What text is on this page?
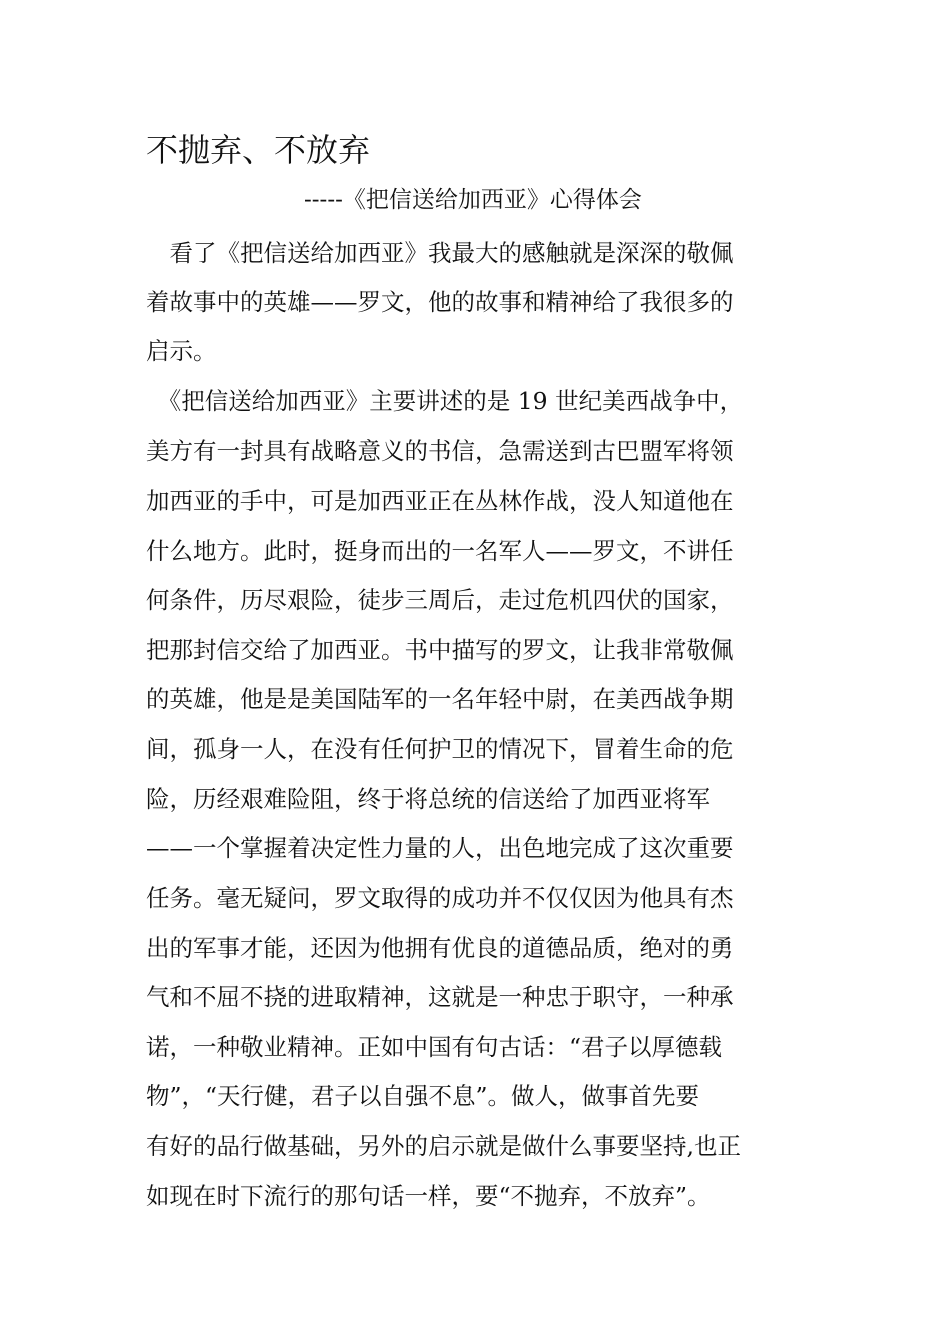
不抛弃、不放弃

-----《把信送给加西亚》心得体会

　看了《把信送给加西亚》我最大的感触就是深深的敬佩

着故事中的英雄——罗文，他的故事和精神给了我很多的

启示。

　《把信送给加西亚》主要讲述的是 19 世纪美西战争中，

美方有一封具有战略意义的书信，急需送到古巴盟军将领

加西亚的手中，可是加西亚正在丛林作战，没人知道他在

什么地方。此时，挺身而出的一名军人——罗文，不讲任

何条件，历尽艰险，徒步三周后，走过危机四伏的国家，

把那封信交给了加西亚。书中描写的罗文，让我非常敬佩

的英雄，他是是美国陆军的一名年轻中尉，在美西战争期

间，孤身一人，在没有任何护卫的情况下，冒着生命的危

险，历经艰难险阻，终于将总统的信送给了加西亚将军

——一个掌握着决定性力量的人，出色地完成了这次重要

任务。毫无疑问，罗文取得的成功并不仅仅因为他具有杰

出的军事才能，还因为他拥有优良的道德品质，绝对的勇

气和不屈不挠的进取精神，这就是一种忠于职守，一种承

诺，一种敬业精神。正如中国有句古话：“君子以厚德载

物”，“天行健，君子以自强不息”。做人，做事首先要

有好的品行做基础，另外的启示就是做什么事要坚持,也正

如现在时下流行的那句话一样，要“不抛弃，不放弃”。
